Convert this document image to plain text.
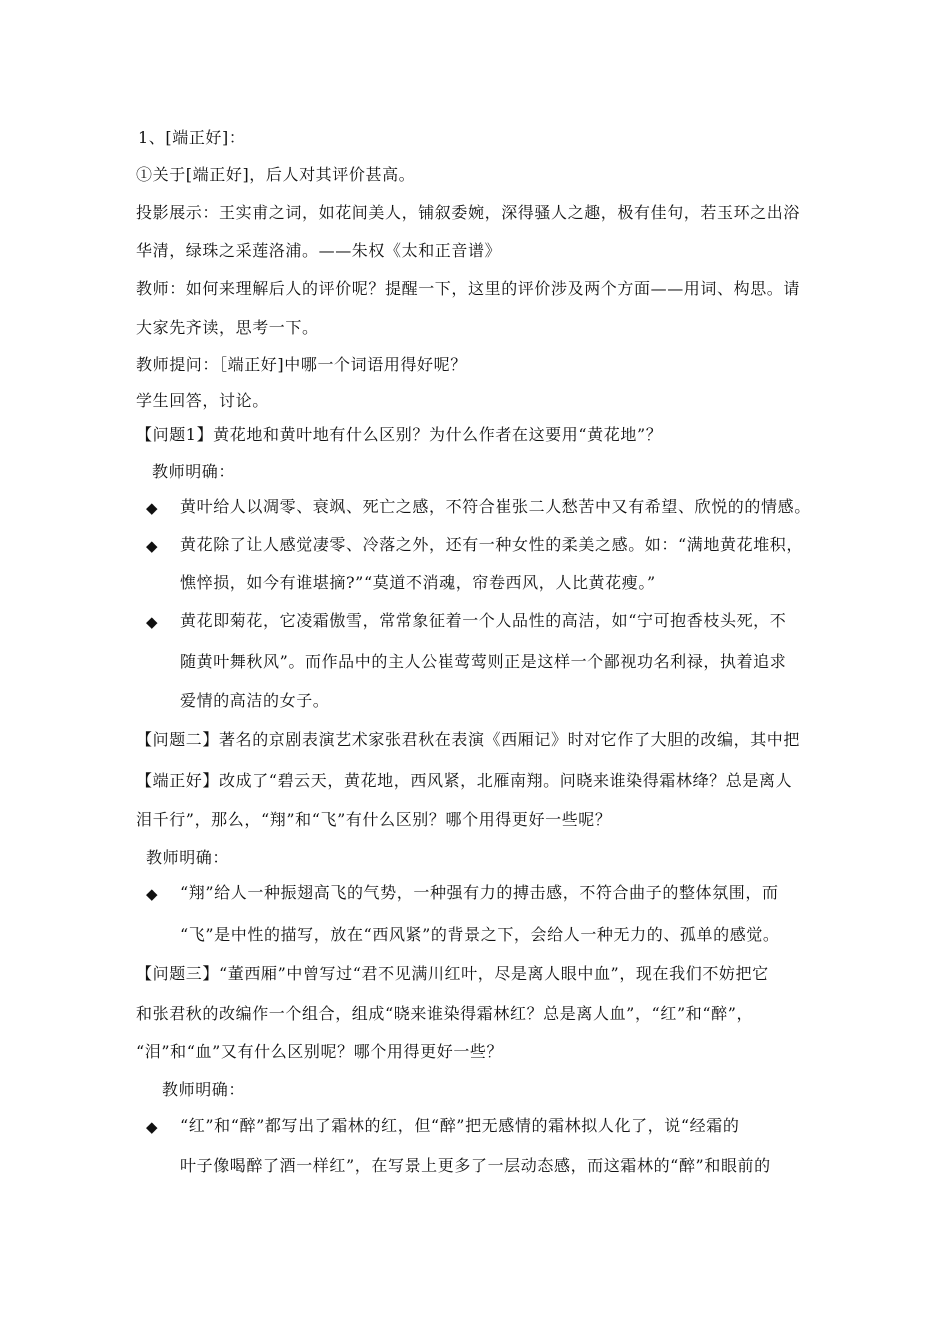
1、[端正好]：
①关于[端正好]，后人对其评价甚高。
投影展示：王实甫之词，如花间美人，铺叙委婉，深得骚人之趣，极有佳句，若玉环之出浴
华清，绿珠之采莲洛浦。——朱权《太和正音谱》
教师：如何来理解后人的评价呢？提醒一下，这里的评价涉及两个方面——用词、构思。请
大家先齐读，思考一下。
教师提问：［端正好]中哪一个词语用得好呢？
学生回答，讨论。
【问题1】黄花地和黄叶地有什么区别？为什么作者在这要用“黄花地”？
教师明确：
◆ 黄叶给人以凋零、衰飒、死亡之感，不符合崔张二人愁苦中又有希望、欣悦的的情感。
◆ 黄花除了让人感觉凄零、冷落之外，还有一种女性的柔美之感。如：“满地黄花堆积，
憔悴损，如今有谁堪摘?”“莫道不消魂，帘卷西风，人比黄花瘦。”
◆ 黄花即菊花，它凌霜傲雪，常常象征着一个人品性的高洁，如“宁可抱香枝头死，不
随黄叶舞秋风”。而作品中的主人公崔莺莺则正是这样一个鄙视功名利禄，执着追求
爱情的高洁的女子。
【问题二】著名的京剧表演艺术家张君秋在表演《西厢记》时对它作了大胆的改编，其中把
【端正好】改成了“碧云天，黄花地，西风紧，北雁南翔。问晓来谁染得霜林绛？总是离人
泪千行”，那么，“翔”和“飞”有什么区别？哪个用得更好一些呢？
教师明确：
◆ “翔”给人一种振翅高飞的气势，一种强有力的搏击感，不符合曲子的整体氛围，而
“飞”是中性的描写，放在“西风紧”的背景之下，会给人一种无力的、孤单的感觉。
【问题三】“董西厢”中曾写过“君不见满川红叶，尽是离人眼中血”，现在我们不妨把它
和张君秋的改编作一个组合，组成“晓来谁染得霜林红？总是离人血”，“红”和“醉”，
“泪”和“血”又有什么区别呢？哪个用得更好一些？
教师明确：
◆ “红”和“醉”都写出了霜林的红，但“醉”把无感情的霜林拟人化了，说“经霜的
叶子像喝醉了酒一样红”，在写景上更多了一层动态感，而这霜林的“醉”和眼前的
